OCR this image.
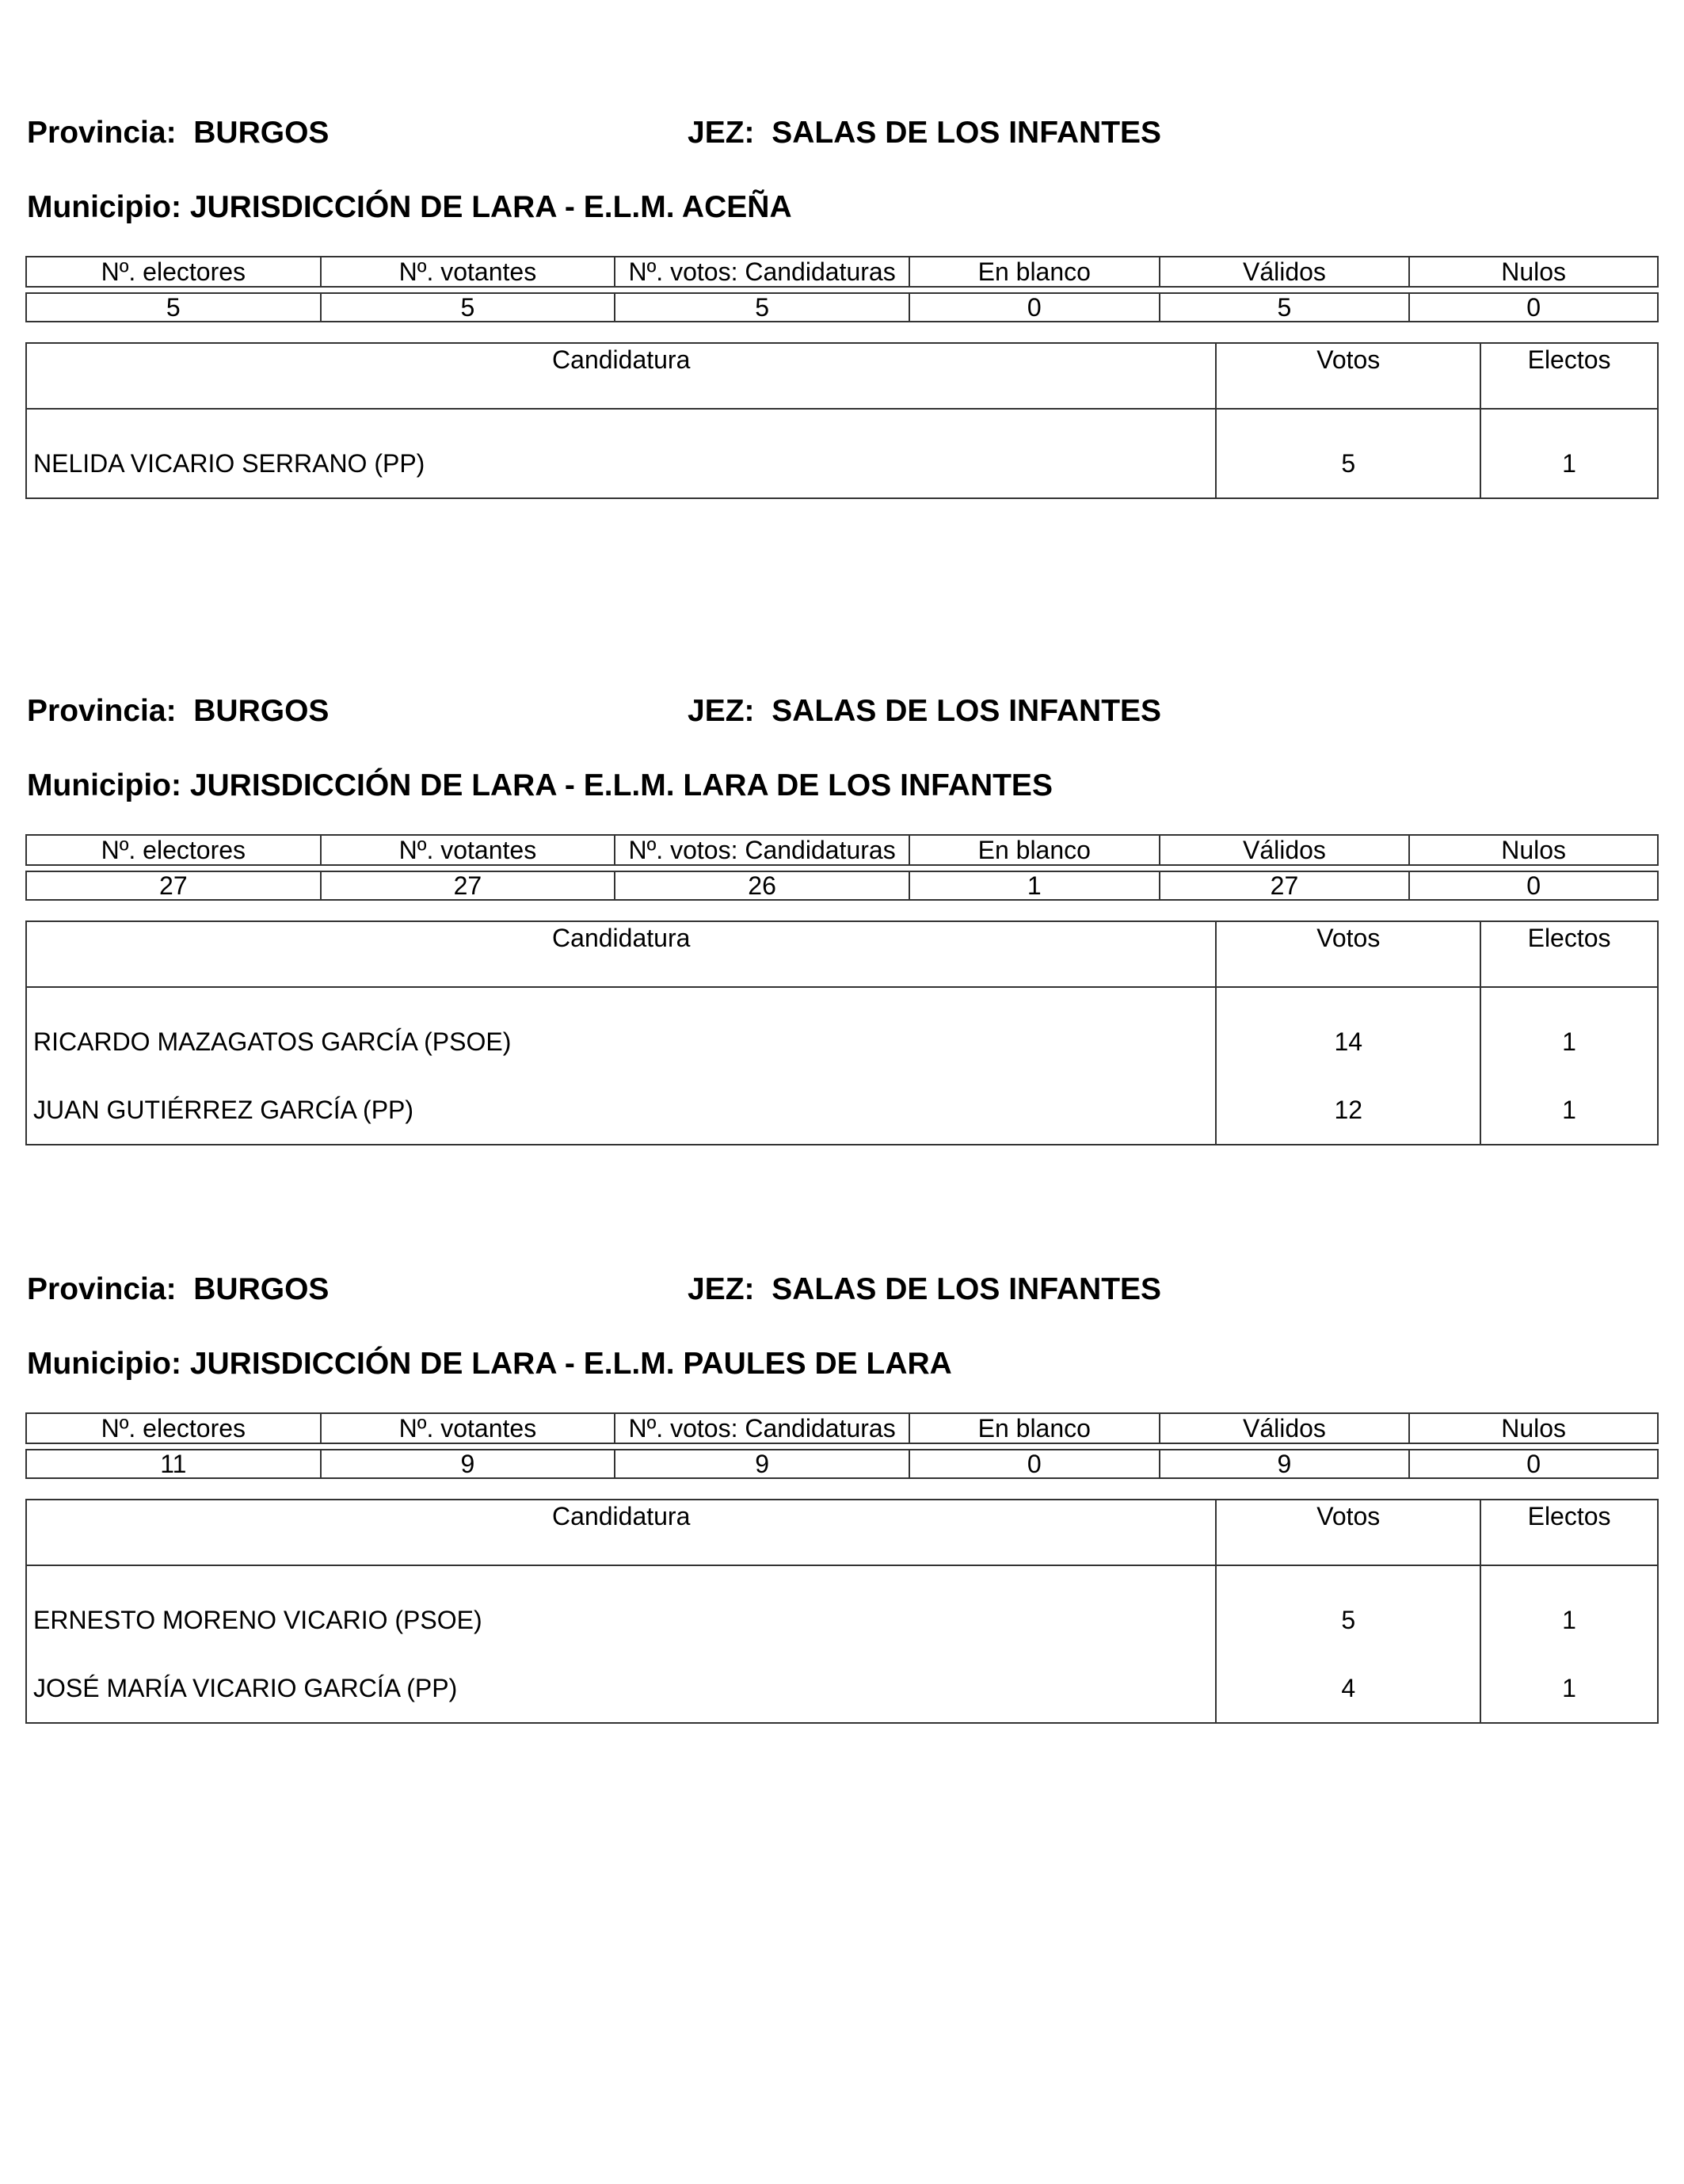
Provincia: BURGOS	JEZ: SALAS DE LOS INFANTES
Municipio: JURISDICCIÓN DE LARA - E.L.M. ACEÑA
Nº. electores	Nº. votantes	Nº. votos: Candidaturas	En blanco	Válidos	Nulos

5	5	5	0	5	0
Candidatura	Votos	Electos
NELIDA VICARIO SERRANO (PP)	5	1
Provincia: BURGOS	JEZ: SALAS DE LOS INFANTES
Municipio: JURISDICCIÓN DE LARA - E.L.M. LARA DE LOS INFANTES
Nº. electores	Nº. votantes	Nº. votos: Candidaturas	En blanco	Válidos	Nulos

27	27	26	1	27	0
Candidatura	Votos	Electos
RICARDO MAZAGATOS GARCÍA (PSOE)	14	1
JUAN GUTIÉRREZ GARCÍA (PP)	12	1
Provincia: BURGOS	JEZ: SALAS DE LOS INFANTES
Municipio: JURISDICCIÓN DE LARA - E.L.M. PAULES DE LARA
Nº. electores	Nº. votantes	Nº. votos: Candidaturas	En blanco	Válidos	Nulos

11	9	9	0	9	0
Candidatura	Votos	Electos
ERNESTO MORENO VICARIO (PSOE)	5	1
JOSÉ MARÍA VICARIO GARCÍA (PP)	4	1
